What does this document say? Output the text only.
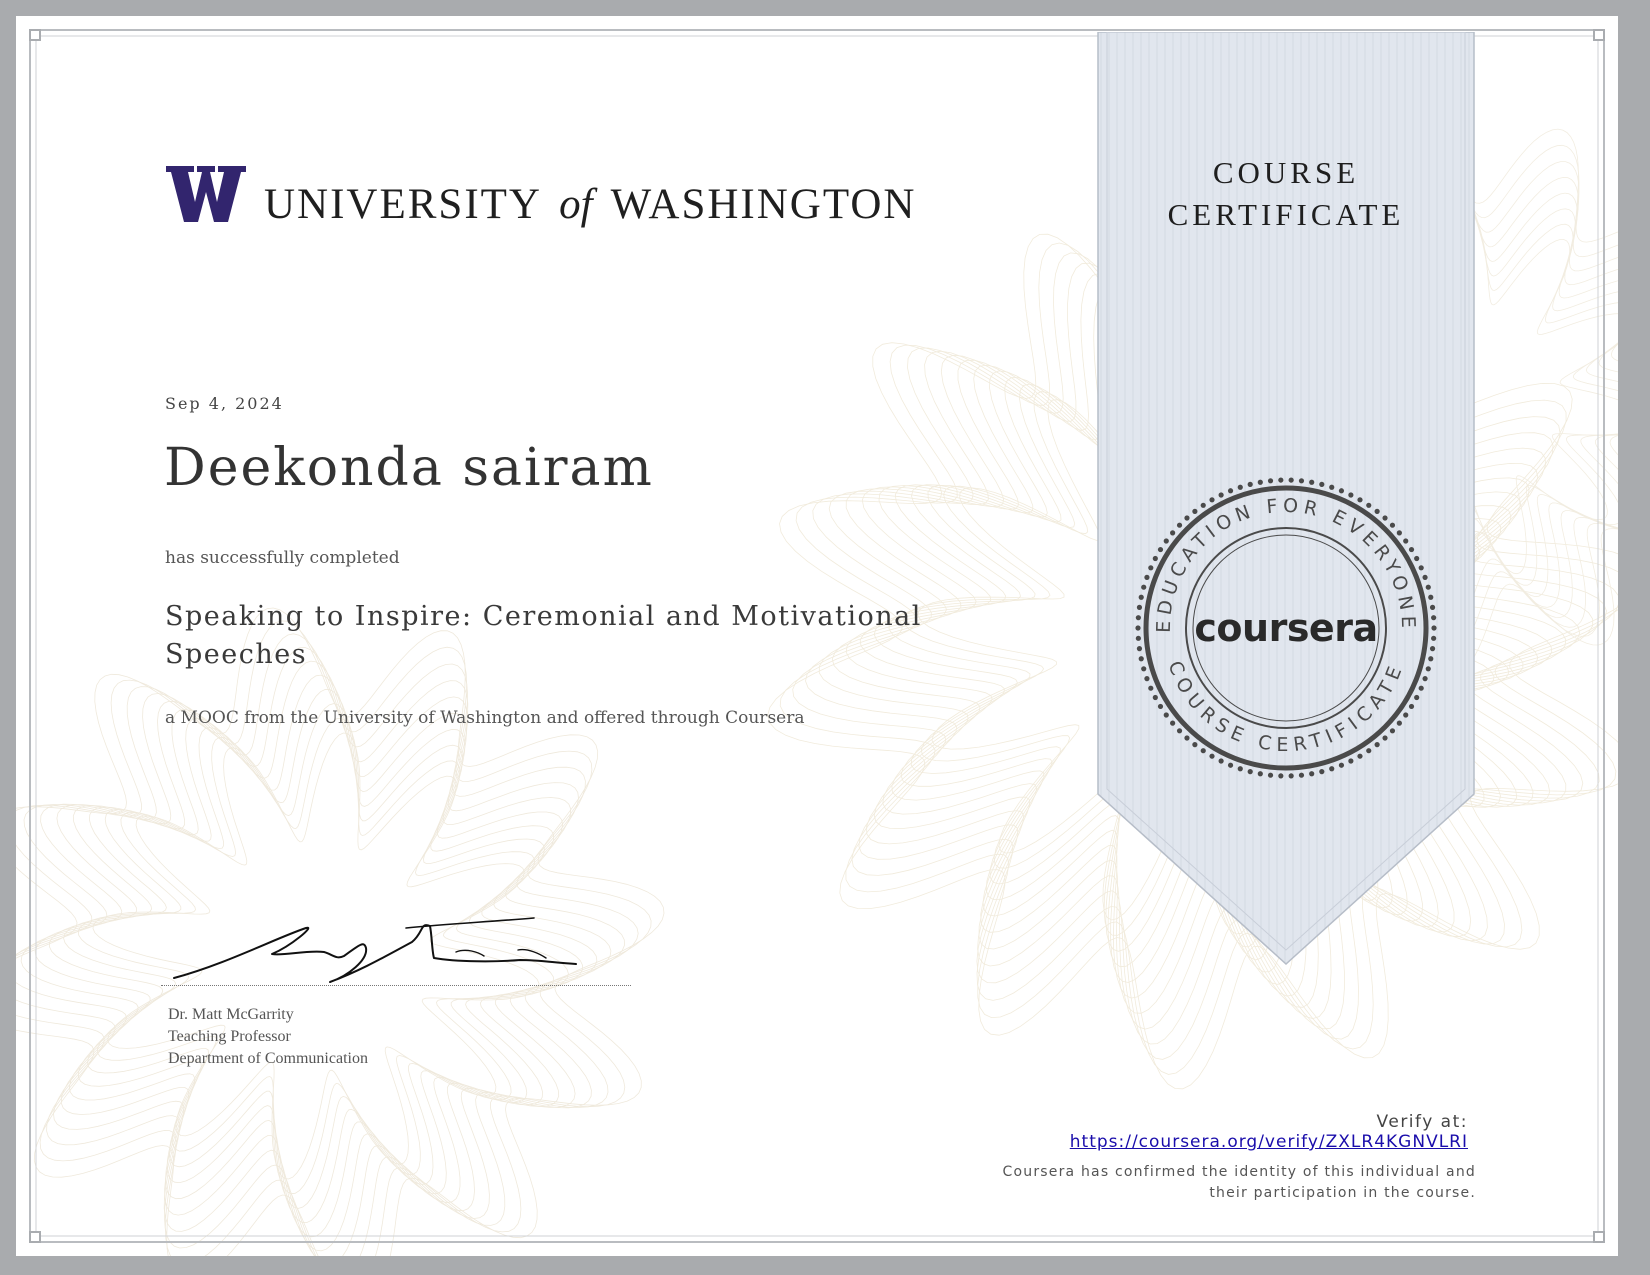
UNIVERSITY of WASHINGTON
Sep 4, 2024
Deekonda sairam
has successfully completed
Speaking to Inspire: Ceremonial and Motivational Speeches
a MOOC from the University of Washington and offered through Coursera
Dr. Matt McGarrity
Teaching Professor
Department of Communication
COURSE
CERTIFICATE
EDUCATION FOR EVERYONE
COURSE CERTIFICATE
coursera
Verify at:
https://coursera.org/verify/ZXLR4KGNVLRI
Coursera has confirmed the identity of this individual and
their participation in the course.
